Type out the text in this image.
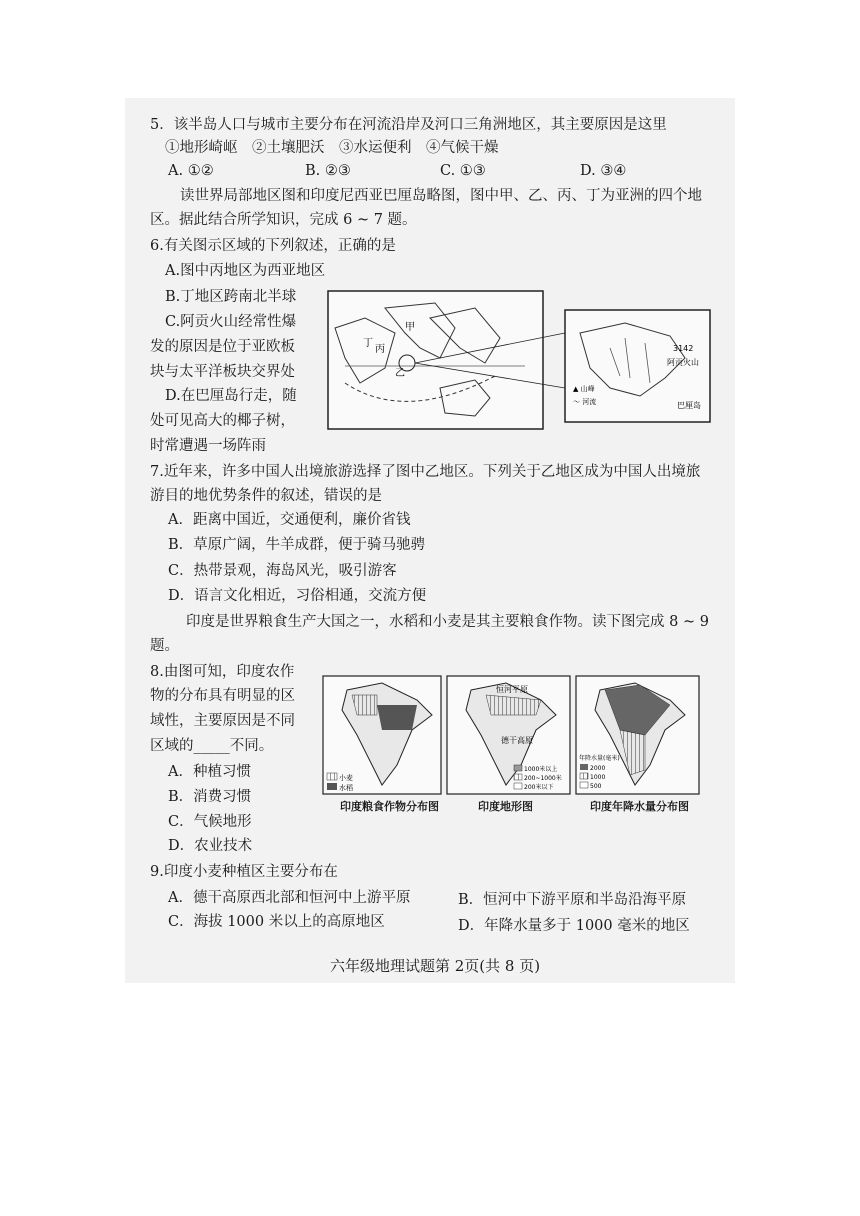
5．该半岛人口与城市主要分布在河流沿岸及河口三角洲地区，其主要原因是这里
①地形崎岖　②土壤肥沃　③水运便利　④气候干燥
A. ①②	B. ②③	C. ①③	D. ③④
读世界局部地区图和印度尼西亚巴厘岛略图，图中甲、乙、丙、丁为亚洲的四个地
区。据此结合所学知识，完成 6 ~ 7 题。
6.有关图示区域的下列叙述，正确的是
A.图中丙地区为西亚地区
B.丁地区跨南北半球
C.阿贡火山经常性爆
发的原因是位于亚欧板
块与太平洋板块交界处
D.在巴厘岛行走，随
处可见高大的椰子树，
时常遭遇一场阵雨
甲
丁
丙
乙
3142
阿贡火山
▲ 山峰
～ 河流	巴厘岛
7.近年来，许多中国人出境旅游选择了图中乙地区。下列关于乙地区成为中国人出境旅
游目的地优势条件的叙述，错误的是
A．距离中国近，交通便利，廉价省钱
B．草原广阔，牛羊成群，便于骑马驰骋
C．热带景观，海岛风光，吸引游客
D．语言文化相近，习俗相通，交流方便
印度是世界粮食生产大国之一，水稻和小麦是其主要粮食作物。读下图完成 8 ~ 9
题。
8.由图可知，印度农作
物的分布具有明显的区
域性，主要原因是不同
区域的_____不同。
A．种植习惯
B．消费习惯
C．气候地形
D．农业技术
小麦
水稻
恒河平原
德干高原
1000米以上
200~1000米
200米以下
年降水量(毫米)
2000
1000
500
印度粮食作物分布图	印度地形图	印度年降水量分布图
9.印度小麦种植区主要分布在
A．德干高原西北部和恒河中上游平原	B．恒河中下游平原和半岛沿海平原
C．海拔 1000 米以上的高原地区	D．年降水量多于 1000 毫米的地区
六年级地理试题第 2页(共 8 页)
